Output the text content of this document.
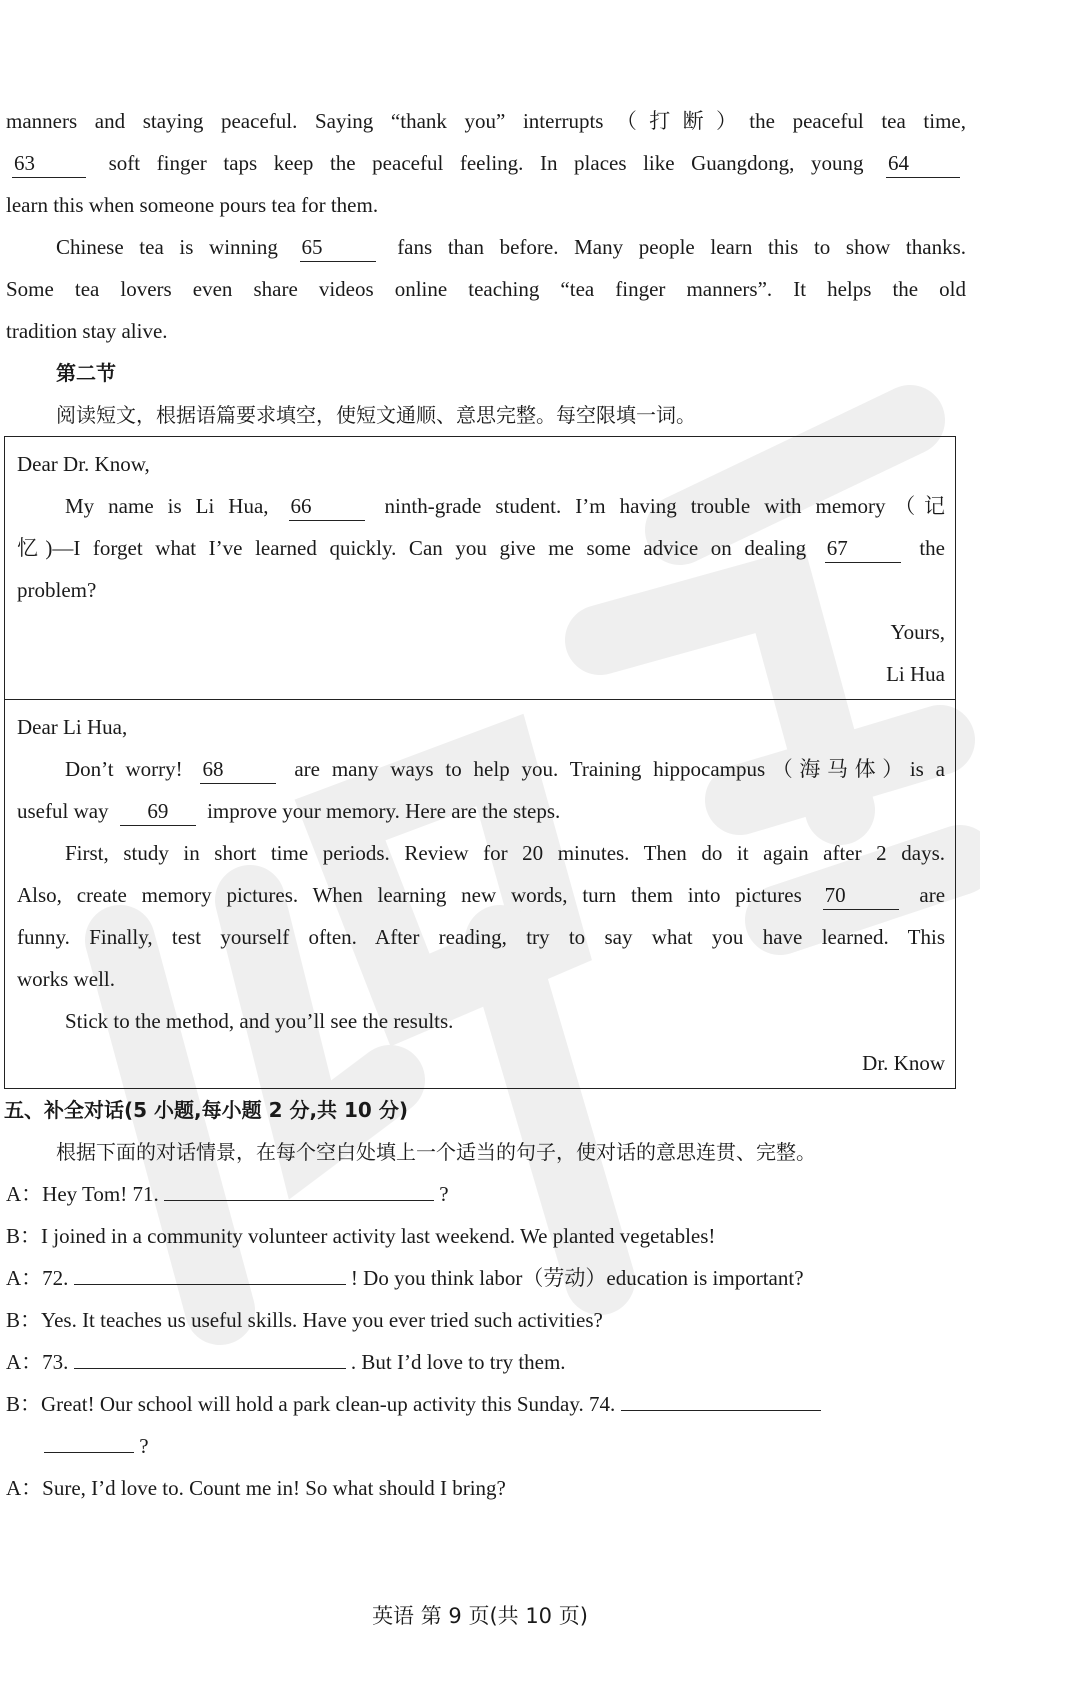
manners and staying peaceful. Saying “thank you” interrupts（打断）the peaceful tea time,

63	soft finger taps keep the peaceful feeling. In places like Guangdong, young 64

learn this when someone pours tea for them.

Chinese tea is winning 65	fans than before. Many people learn this to show thanks.

Some tea lovers even share videos online teaching “tea finger manners”. It helps the old

tradition stay alive.

第二节

阅读短文，根据语篇要求填空，使短文通顺、意思完整。每空限填一词。

Dear Dr. Know,

My name is Li Hua, 66	ninth-grade student. I’m having trouble with memory（记

忆)—I forget what I’ve learned quickly. Can you give me some advice on dealing 67	the

problem?

Yours,

Li Hua

Dear Li Hua,

Don’t worry! 68	are many ways to help you. Training hippocampus（海马体）is a

useful way 69 improve your memory. Here are the steps.

First, study in short time periods. Review for 20 minutes. Then do it again after 2 days.

Also, create memory pictures. When learning new words, turn them into pictures 70	are

funny. Finally, test yourself often. After reading, try to say what you have learned. This

works well.

Stick to the method, and you’ll see the results.

Dr. Know

五、补全对话(5 小题,每小题 2 分,共 10 分)

根据下面的对话情景，在每个空白处填上一个适当的句子，使对话的意思连贯、完整。

A：Hey Tom! 71.	?

B：I joined in a community volunteer activity last weekend. We planted vegetables!

A：72.	! Do you think labor（劳动）education is important?

B：Yes. It teaches us useful skills. Have you ever tried such activities?

A：73.	. But I’d love to try them.

B：Great! Our school will hold a park clean-up activity this Sunday. 74.

?

A：Sure, I’d love to. Count me in! So what should I bring?

英语 第 9 页(共 10 页)
